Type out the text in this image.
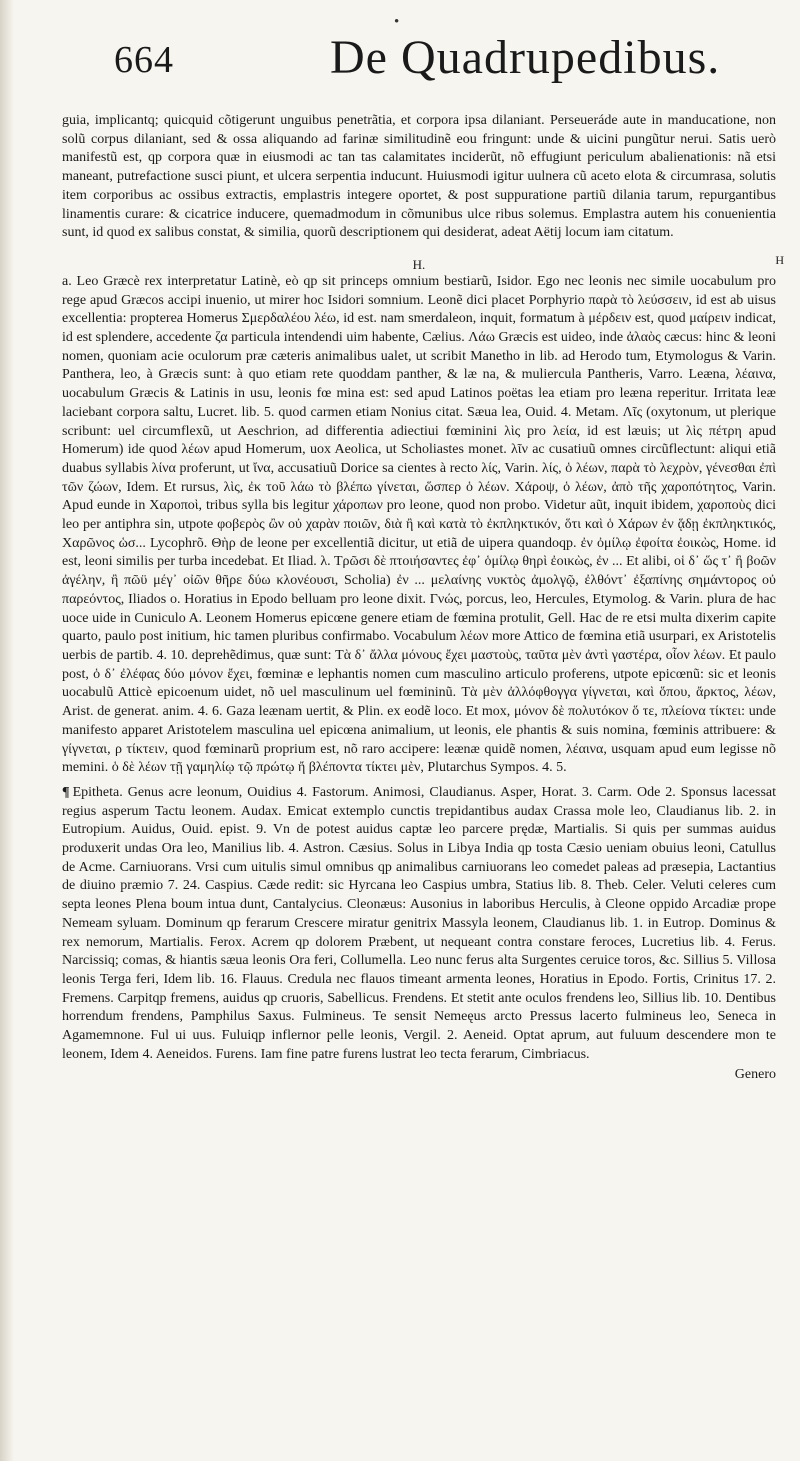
•
664	De Quadrupedibus.

guia, implicantq; quicquid cõtigerunt unguibus penetrãtia, et corpora ipsa dilaniant. Perseueráde aute in manducatione, non solũ corpus dilaniant, sed & ossa aliquando ad farinæ similitudinẽ eou fringunt: unde & uicini pungũtur nerui. Satis uerò manifestũ est, qp corpora quæ in eiusmodi ac tan tas calamitates inciderũt, nõ effugiunt periculum abalienationis: nã etsi maneant, putrefactione susci piunt, et ulcera serpentia inducunt. Huiusmodi igitur uulnera cũ aceto elota & circumrasa, solutis item corporibus ac ossibus extractis, emplastris integere oportet, & post suppuratione partiũ dilania tarum, repurgantibus linamentis curare: & cicatrice inducere, quemadmodum in cõmunibus ulce ribus solemus. Emplastra autem his conuenientia sunt, id quod ex salibus constat, & similia, quorũ descriptionem qui desiderat, adeat Aëtij locum iam citatum.

H.	H

a. Leo Græcè rex interpretatur Latinè, eò qp sit princeps omnium bestiarũ, Isidor. Ego nec leonis nec simile uocabulum pro rege apud Græcos accipi inuenio, ut mirer hoc Isidori somnium. Leonẽ dici placet Porphyrio παρὰ τὸ λεύσσειν, id est ab uisus excellentia: propterea Homerus Σμερδαλέου λέω, id est. nam smerdaleon, inquit, formatum à μέρδειν est, quod μαίρειν indicat, id est splendere, accedente ζα particula intendendi uim habente, Cælius. Λάω Græcis est uideo, inde ἀλαὸς cæcus: hinc & leoni nomen, quoniam acie oculorum præ cæteris animalibus ualet, ut scribit Manetho in lib. ad Herodo tum, Etymologus & Varin. Panthera, leo, à Græcis sunt: à quo etiam rete quoddam panther, & læ na, & muliercula Pantheris, Varro. Leæna, λέαινα, uocabulum Græcis & Latinis in usu, leonis fœ mina est: sed apud Latinos poëtas lea etiam pro leæna reperitur. Irritata leæ laciebant corpora saltu, Lucret. lib. 5. quod carmen etiam Nonius citat. Sæua lea, Ouid. 4. Metam. Λῖς (oxytonum, ut plerique scribunt: uel circumflexũ, ut Aeschrion, ad differentia adiectiui fœminini λὶς pro λεία, id est læuis; ut λὶς πέτρη apud Homerum) ide quod λέων apud Homerum, uox Aeolica, ut Scholiastes monet. λῖν ac cusatiuũ omnes circũflectunt: aliqui etiã duabus syllabis λίνα proferunt, ut ἴνα, accusatiuũ Dorice sa cientes à recto λίς, Varin. λίς, ὁ λέων, παρὰ τὸ λεχρὸν, γένεσθαι ἐπὶ τῶν ζώων, Idem. Et rursus, λὶς, ἐκ τοῦ λάω τὸ βλέπω γίνεται, ὥσπερ ὁ λέων. Χάροψ, ὁ λέων, ἀπὸ τῆς χαροπότητος, Varin. Apud eunde in Χαροποὶ, tribus sylla bis legitur χάροπων pro leone, quod non probo. Videtur aũt, inquit ibidem, χαροποὺς dici leo per antiphra sin, utpote φοβερὸς ὢν οὐ χαρὰν ποιῶν, διὰ ἢ καὶ κατὰ τὸ ἐκπληκτικόν, ὅτι καὶ ὁ Χάρων ἐν ᾅδῃ ἐκπληκτικός, Χαρῶνος ὡσ... Lycophrõ. Θὴρ de leone per excellentiã dicitur, ut etiã de uipera quandoqp. ἐν ὀμίλῳ ἐφοίτα ἐοικὼς, Home. id est, leoni similis per turba incedebat. Et Iliad. λ. Τρῶσι δὲ πτοιήσαντες ἐφ᾽ ὁμίλῳ θηρὶ ἐοικὼς, ἐν ... Et alibi, οἱ δ᾽ ὥς τ᾽ ἢ βοῶν ἀγέλην, ἢ πῶϋ μέγ᾽ οἰῶν θῆρε δύω κλονέουσι, Scholia) ἐν ... μελαίνης νυκτὸς ἀμολγῷ, ἐλθόντ᾽ ἐξαπίνης σημάντορος οὐ παρεόντος, Iliados ο. Horatius in Epodo belluam pro leone dixit. Γνώς, porcus, leo, Hercules, Etymolog. & Varin. plura de hac uoce uide in Cuniculo A. Leonem Homerus epicœne genere etiam de fœmina protulit, Gell. Hac de re etsi multa dixerim capite quarto, paulo post initium, hic tamen pluribus confirmabo. Vocabulum λέων more Attico de fœmina etiã usurpari, ex Aristotelis uerbis de partib. 4. 10. deprehẽdimus, quæ sunt: Τὰ δ᾽ ἄλλα μόνους ἔχει μαστοὺς, ταῦτα μὲν ἀντὶ γαστέρα, οἷον λέων. Et paulo post, ὁ δ᾽ ἐλέφας δύο μόνον ἔχει, fœminæ e lephantis nomen cum masculino articulo proferens, utpote epicœnũ: sic et leonis uocabulũ Atticè epicoenum uidet, nõ uel masculinum uel fœmininũ. Τὰ μὲν ἀλλόφθογγα γίγνεται, καὶ ὅπου, ἄρκτος, λέων, Arist. de generat. anim. 4. 6. Gaza leænam uertit, & Plin. ex eodẽ loco. Et mox, μόνον δὲ πολυτόκον ὅ τε, πλείονα τίκτει: unde manifesto apparet Aristotelem masculina uel epicœna animalium, ut leonis, ele phantis & suis nomina, fœminis attribuere: & γίγνεται, ρ τίκτειν, quod fœminarũ proprium est, nõ raro accipere: leænæ quidẽ nomen, λέαινα, usquam apud eum legisse nõ memini. ὁ δὲ λέων τῇ γαμηλίῳ τῷ πρώτῳ ἤ βλέποντα τίκτει μὲν, Plutarchus Sympos. 4. 5.

¶ Epitheta. Genus acre leonum, Ouidius 4. Fastorum. Animosi, Claudianus. Asper, Horat. 3. Carm. Ode 2. Sponsus lacessat regius asperum Tactu leonem. Audax. Emicat extemplo cunctis trepidantibus audax Crassa mole leo, Claudianus lib. 2. in Eutropium. Auidus, Ouid. epist. 9. Vn de potest auidus captæ leo parcere prędæ, Martialis. Si quis per summas auidus produxerit undas Ora leo, Manilius lib. 4. Astron. Cæsius. Solus in Libya India qp tosta Cæsio ueniam obuius leoni, Catullus de Acme. Carniuorans. Vrsi cum uitulis simul omnibus qp animalibus carniuorans leo comedet paleas ad præsepia, Lactantius de diuino præmio 7. 24. Caspius. Cæde redit: sic Hyrcana leo Caspius umbra, Statius lib. 8. Theb. Celer. Veluti celeres cum septa leones Plena boum intua dunt, Cantalycius. Cleonæus: Ausonius in laboribus Herculis, à Cleone oppido Arcadiæ prope Nemeam syluam. Dominum qp ferarum Crescere miratur genitrix Massyla leonem, Claudianus lib. 1. in Eutrop. Dominus & rex nemorum, Martialis. Ferox. Acrem qp dolorem Præbent, ut nequeant contra constare feroces, Lucretius lib. 4. Ferus. Narcissiq; comas, & hiantis sæua leonis Ora feri, Collumella. Leo nunc ferus alta Surgentes ceruice toros, &c. Sillius 5. Villosa leonis Terga feri, Idem lib. 16. Flauus. Credula nec flauos timeant armenta leones, Horatius in Epodo. Fortis, Crinitus 17. 2. Fremens. Carpitqp fremens, auidus qp cruoris, Sabellicus. Frendens. Et stetit ante oculos frendens leo, Sillius lib. 10. Dentibus horrendum frendens, Pamphilus Saxus. Fulmineus. Te sensit Nemeęus arcto Pressus lacerto fulmineus leo, Seneca in Agamemnone. Ful ui uus. Fuluiqp inflernor pelle leonis, Vergil. 2. Aeneid. Optat aprum, aut fuluum descendere mon te leonem, Idem 4. Aeneidos. Furens. Iam fine patre furens lustrat leo tecta ferarum, Cimbriacus.

Genero
